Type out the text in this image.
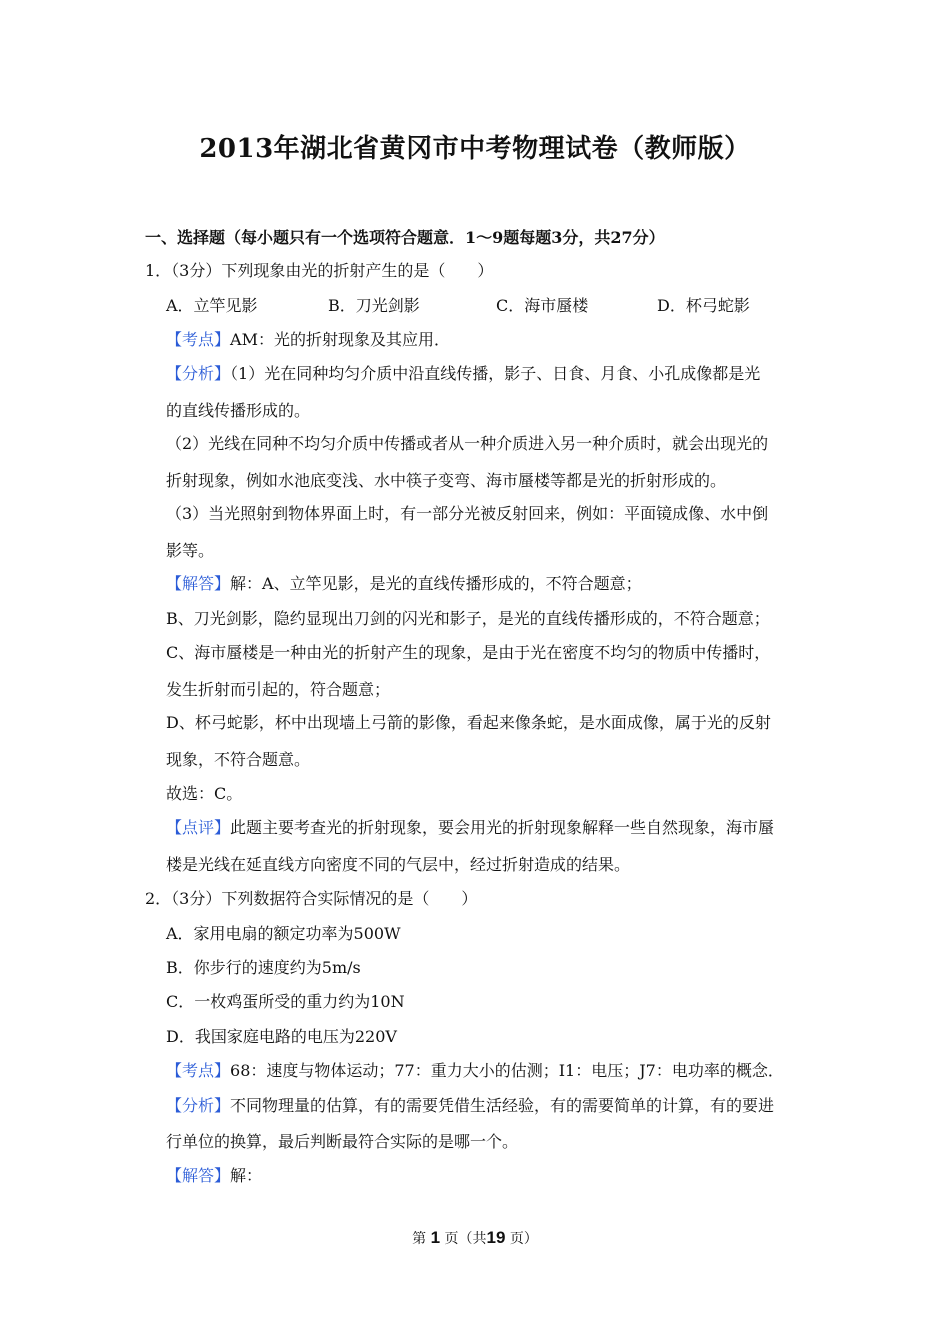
2013年湖北省黄冈市中考物理试卷（教师版）
一、选择题（每小题只有一个选项符合题意．1～9题每题3分，共27分）
1．（3分）下列现象由光的折射产生的是（　　）
A．立竿见影	B．刀光剑影	C．海市蜃楼	D．杯弓蛇影
【考点】AM：光的折射现象及其应用．
【分析】（1）光在同种均匀介质中沿直线传播，影子、日食、月食、小孔成像都是光
的直线传播形成的。
（2）光线在同种不均匀介质中传播或者从一种介质进入另一种介质时，就会出现光的
折射现象，例如水池底变浅、水中筷子变弯、海市蜃楼等都是光的折射形成的。
（3）当光照射到物体界面上时，有一部分光被反射回来，例如：平面镜成像、水中倒
影等。
【解答】解：A、立竿见影，是光的直线传播形成的，不符合题意；
B、刀光剑影，隐约显现出刀剑的闪光和影子，是光的直线传播形成的，不符合题意；
C、海市蜃楼是一种由光的折射产生的现象，是由于光在密度不均匀的物质中传播时，
发生折射而引起的，符合题意；
D、杯弓蛇影，杯中出现墙上弓箭的影像，看起来像条蛇，是水面成像，属于光的反射
现象，不符合题意。
故选：C。
【点评】此题主要考查光的折射现象，要会用光的折射现象解释一些自然现象，海市蜃
楼是光线在延直线方向密度不同的气层中，经过折射造成的结果。
2．（3分）下列数据符合实际情况的是（　　）
A．家用电扇的额定功率为500W
B．你步行的速度约为5m/s
C．一枚鸡蛋所受的重力约为10N
D．我国家庭电路的电压为220V
【考点】68：速度与物体运动；77：重力大小的估测；I1：电压；J7：电功率的概念．
【分析】不同物理量的估算，有的需要凭借生活经验，有的需要简单的计算，有的要进
行单位的换算，最后判断最符合实际的是哪一个。
【解答】解：
第 1 页（共19 页）
